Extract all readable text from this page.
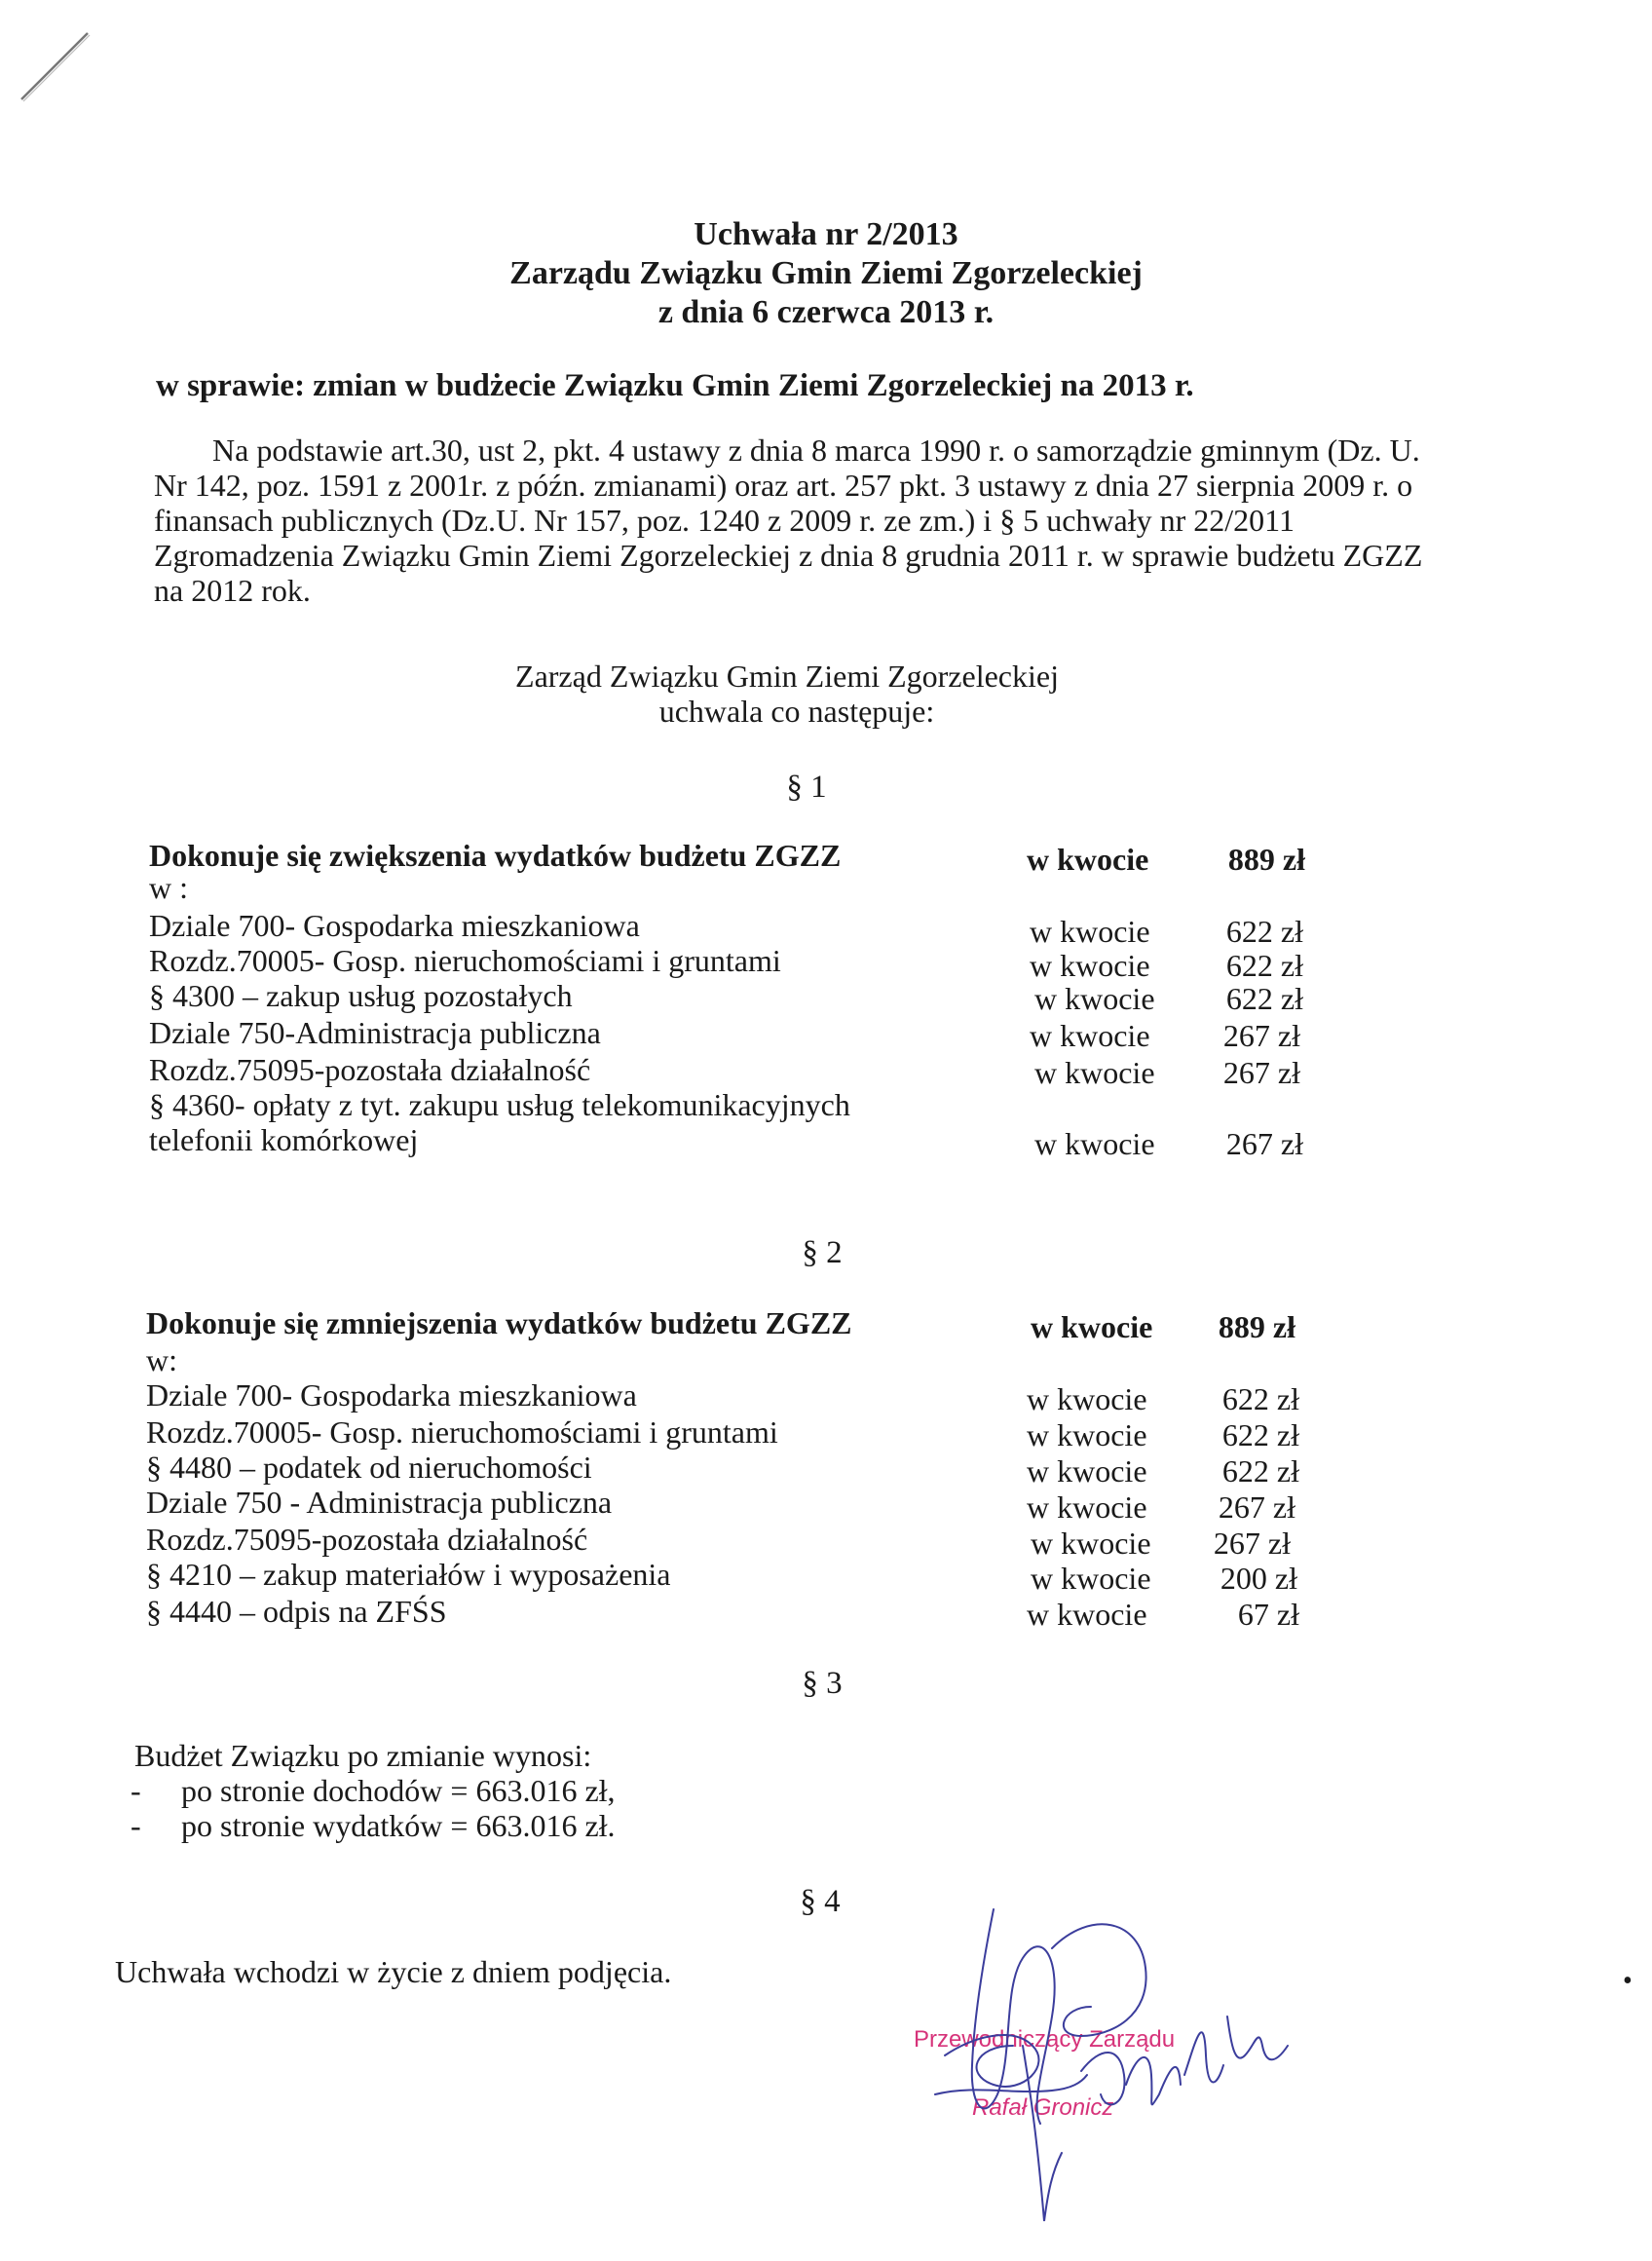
Uchwała nr 2/2013
Zarządu Związku Gmin Ziemi Zgorzeleckiej
z dnia 6 czerwca 2013 r.
w sprawie: zmian w budżecie Związku Gmin Ziemi Zgorzeleckiej na 2013 r.
Na podstawie art.30, ust 2, pkt. 4 ustawy z dnia 8 marca 1990 r. o samorządzie gminnym (Dz. U.
Nr 142, poz. 1591 z 2001r. z późn. zmianami) oraz art. 257 pkt. 3 ustawy z dnia 27 sierpnia 2009 r. o
finansach publicznych (Dz.U. Nr 157, poz. 1240 z 2009 r. ze zm.) i § 5 uchwały nr 22/2011
Zgromadzenia Związku Gmin Ziemi Zgorzeleckiej z dnia 8 grudnia 2011 r. w sprawie budżetu ZGZZ
na 2012 rok.
Zarząd Związku Gmin Ziemi Zgorzeleckiej
uchwala co następuje:
§ 1
Dokonuje się zwiększenia wydatków budżetu ZGZZ	w kwocie	889 zł
w :
Dziale 700- Gospodarka mieszkaniowa	w kwocie	622 zł
Rozdz.70005- Gosp. nieruchomościami i gruntami	w kwocie	622 zł
§ 4300 – zakup usług pozostałych	w kwocie	622 zł
Dziale 750-Administracja publiczna	w kwocie	267 zł
Rozdz.75095-pozostała działalność	w kwocie	267 zł
§ 4360- opłaty z tyt. zakupu usług telekomunikacyjnych
telefonii komórkowej	w kwocie	267 zł
§ 2
Dokonuje się zmniejszenia wydatków budżetu ZGZZ	w kwocie	889 zł
w:
Dziale 700- Gospodarka mieszkaniowa	w kwocie	622 zł
Rozdz.70005- Gosp. nieruchomościami i gruntami	w kwocie	622 zł
§ 4480 – podatek od nieruchomości	w kwocie	622 zł
Dziale 750 - Administracja publiczna	w kwocie	267 zł
Rozdz.75095-pozostała działalność	w kwocie	267 zł
§ 4210 – zakup materiałów i wyposażenia	w kwocie	200 zł
§ 4440 – odpis na ZFŚS	w kwocie	67 zł
§ 3
Budżet Związku po zmianie wynosi:
- po stronie dochodów = 663.016 zł,
- po stronie wydatków = 663.016 zł.
§ 4
Uchwała wchodzi w życie z dniem podjęcia.
Przewodniczący Zarządu
Rafał Gronicz
•
